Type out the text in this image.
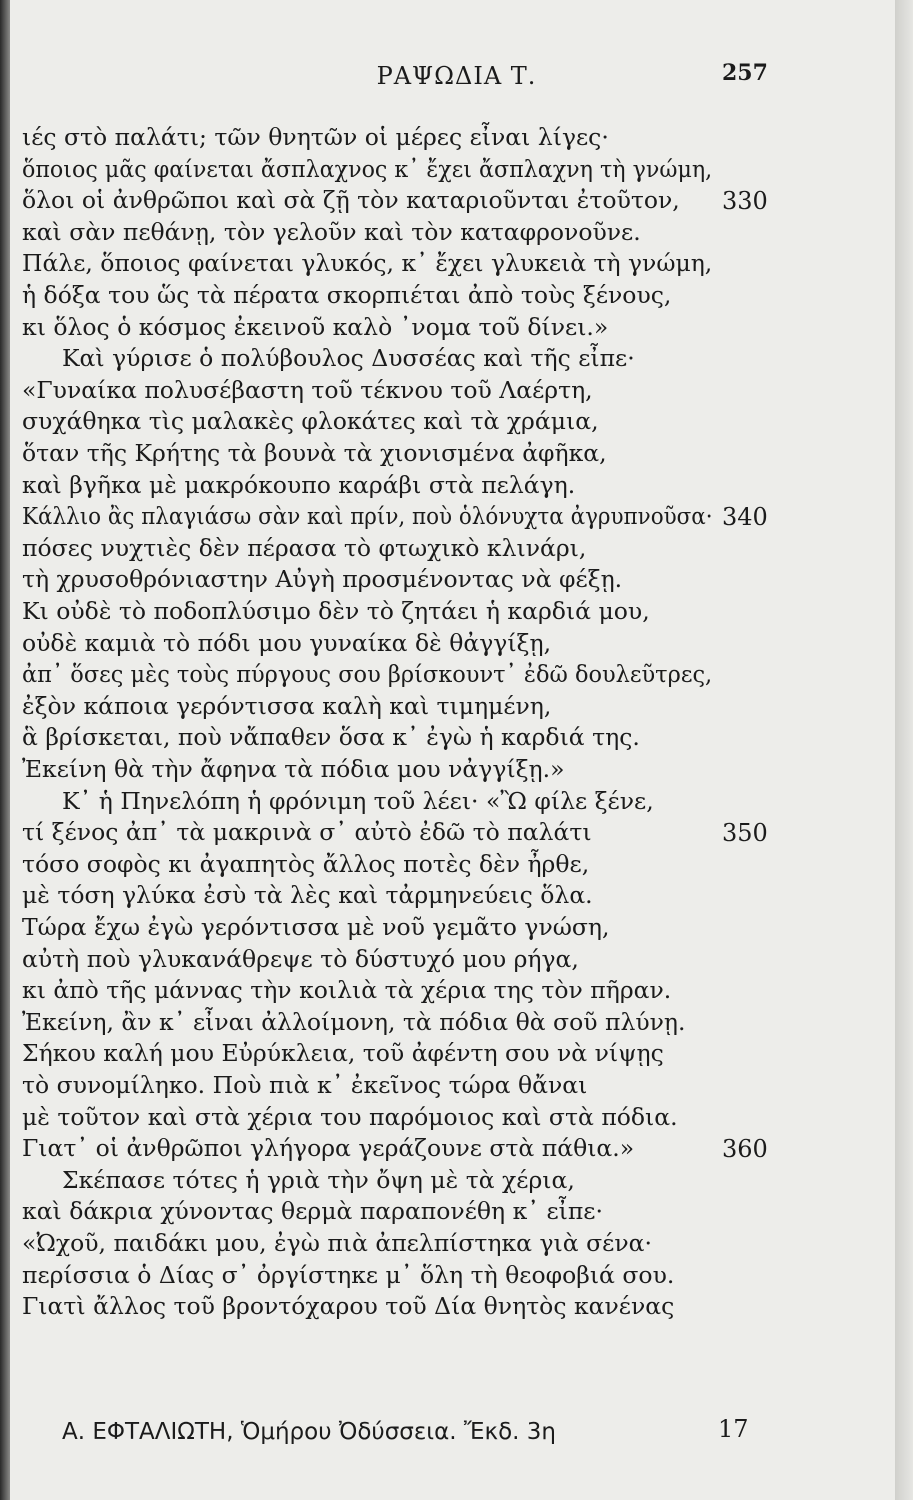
ΡΑΨΩΔΙΑ Τ.	257
ιές στὸ παλάτι; τῶν θνητῶν οἱ μέρες εἶναι λίγες·
ὅποιος μᾶς φαίνεται ἄσπλαχνος κ᾽ ἔχει ἄσπλαχνη τὴ γνώμη,
ὅλοι οἱ ἀνθρῶποι καὶ σὰ ζῇ τὸν καταριοῦνται ἐτοῦτον, 330
καὶ σὰν πεθάνῃ, τὸν γελοῦν καὶ τὸν καταφρονοῦνε.
Πάλε, ὅποιος φαίνεται γλυκός, κ᾽ ἔχει γλυκειὰ τὴ γνώμη,
ἡ δόξα του ὥς τὰ πέρατα σκορπιέται ἀπὸ τοὺς ξένους,
κι ὅλος ὁ κόσμος ἐκεινοῦ καλὸ ᾽νομα τοῦ δίνει.»
Καὶ γύρισε ὁ πολύβουλος Δυσσέας καὶ τῆς εἶπε·
«Γυναίκα πολυσέβαστη τοῦ τέκνου τοῦ Λαέρτη,
συχάθηκα τὶς μαλακὲς φλοκάτες καὶ τὰ χράμια,
ὅταν τῆς Κρήτης τὰ βουνὰ τὰ χιονισμένα ἀφῆκα,
καὶ βγῆκα μὲ μακρόκουπο καράβι στὰ πελάγη.
Κάλλιο ἂς πλαγιάσω σὰν καὶ πρίν, ποὺ ὁλόνυχτα ἀγρυπνοῦσα· 340
πόσες νυχτιὲς δὲν πέρασα τὸ φτωχικὸ κλινάρι,
τὴ χρυσοθρόνιαστην Αὐγὴ προσμένοντας νὰ φέξῃ.
Κι οὐδὲ τὸ ποδοπλύσιμο δὲν τὸ ζητάει ἡ καρδιά μου,
οὐδὲ καμιὰ τὸ πόδι μου γυναίκα δὲ θἀγγίξῃ,
ἀπ᾽ ὅσες μὲς τοὺς πύργους σου βρίσκουντ᾽ ἐδῶ δουλεῦτρες,
ἐξὸν κάποια γερόντισσα καλὴ καὶ τιμημένη,
ἃ βρίσκεται, ποὺ νἄπαθεν ὅσα κ᾽ ἐγὼ ἡ καρδιά της.
Ἐκείνη θὰ τὴν ἄφηνα τὰ πόδια μου νἀγγίξῃ.»
Κ᾽ ἡ Πηνελόπη ἡ φρόνιμη τοῦ λέει· «Ὢ φίλε ξένε,
τί ξένος ἀπ᾽ τὰ μακρινὰ σ᾽ αὐτὸ ἐδῶ τὸ παλάτι	350
τόσο σοφὸς κι ἀγαπητὸς ἄλλος ποτὲς δὲν ἦρθε,
μὲ τόση γλύκα ἐσὺ τὰ λὲς καὶ τἀρμηνεύεις ὅλα.
Τώρα ἔχω ἐγὼ γερόντισσα μὲ νοῦ γεμᾶτο γνώση,
αὐτὴ ποὺ γλυκανάθρεψε τὸ δύστυχό μου ρήγα,
κι ἀπὸ τῆς μάννας τὴν κοιλιὰ τὰ χέρια της τὸν πῆραν.
Ἐκείνη, ἂν κ᾽ εἶναι ἀλλοίμονη, τὰ πόδια θὰ σοῦ πλύνῃ.
Σήκου καλή μου Εὐρύκλεια, τοῦ ἀφέντη σου νὰ νίψῃς
τὸ συνομίληκο. Ποὺ πιὰ κ᾽ ἐκεῖνος τώρα θἄναι
μὲ τοῦτον καὶ στὰ χέρια του παρόμοιος καὶ στὰ πόδια.
Γιατ᾽ οἱ ἀνθρῶποι γλήγορα γεράζουνε στὰ πάθια.»	360
Σκέπασε τότες ἡ γριὰ τὴν ὄψη μὲ τὰ χέρια,
καὶ δάκρια χύνοντας θερμὰ παραπονέθη κ᾽ εἶπε·
«Ὠχοῦ, παιδάκι μου, ἐγὼ πιὰ ἀπελπίστηκα γιὰ σένα·
περίσσια ὁ Δίας σ᾽ ὀργίστηκε μ᾽ ὅλη τὴ θεοφοβιά σου.
Γιατὶ ἄλλος τοῦ βροντόχαρου τοῦ Δία θνητὸς κανένας
Α. ΕΦΤΑΛΙΩΤΗ, Ὁμήρου Ὀδύσσεια. Ἔκδ. 3η	17
